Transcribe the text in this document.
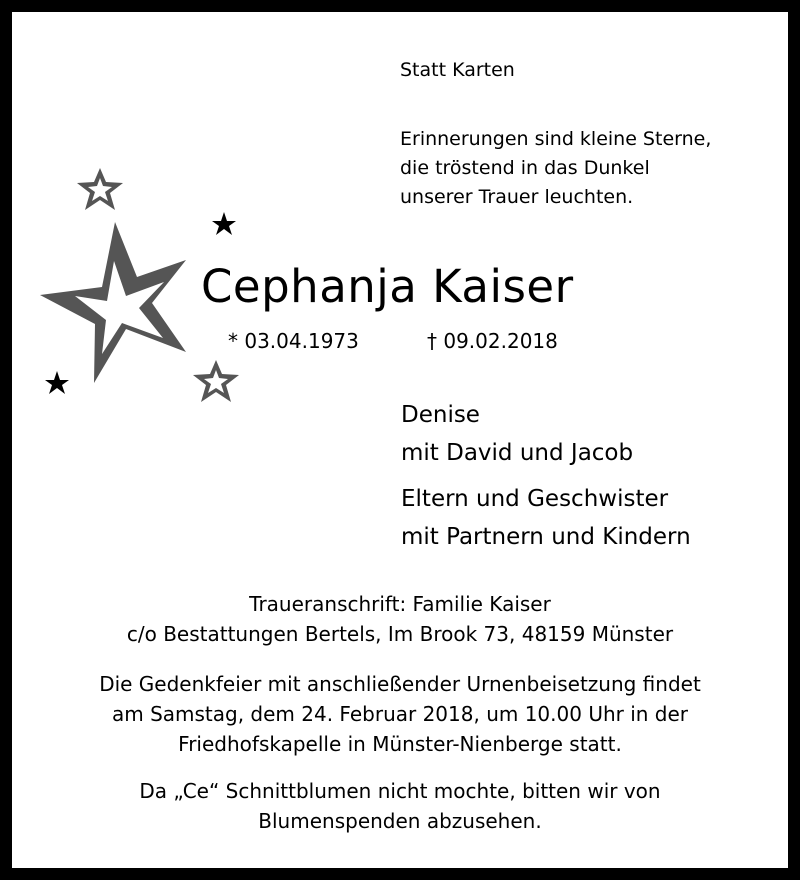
Statt Karten
Erinnerungen sind kleine Sterne,
die tröstend in das Dunkel
unserer Trauer leuchten.
Cephanja Kaiser
* 03.04.1973	† 09.02.2018
Denise
mit David und Jacob
Eltern und Geschwister
mit Partnern und Kindern
Traueranschrift: Familie Kaiser
c/o Bestattungen Bertels, Im Brook 73, 48159 Münster
Die Gedenkfeier mit anschließender Urnenbeisetzung findet
am Samstag, dem 24. Februar 2018, um 10.00 Uhr in der
Friedhofskapelle in Münster-Nienberge statt.
Da „Ce“ Schnittblumen nicht mochte, bitten wir von
Blumenspenden abzusehen.
